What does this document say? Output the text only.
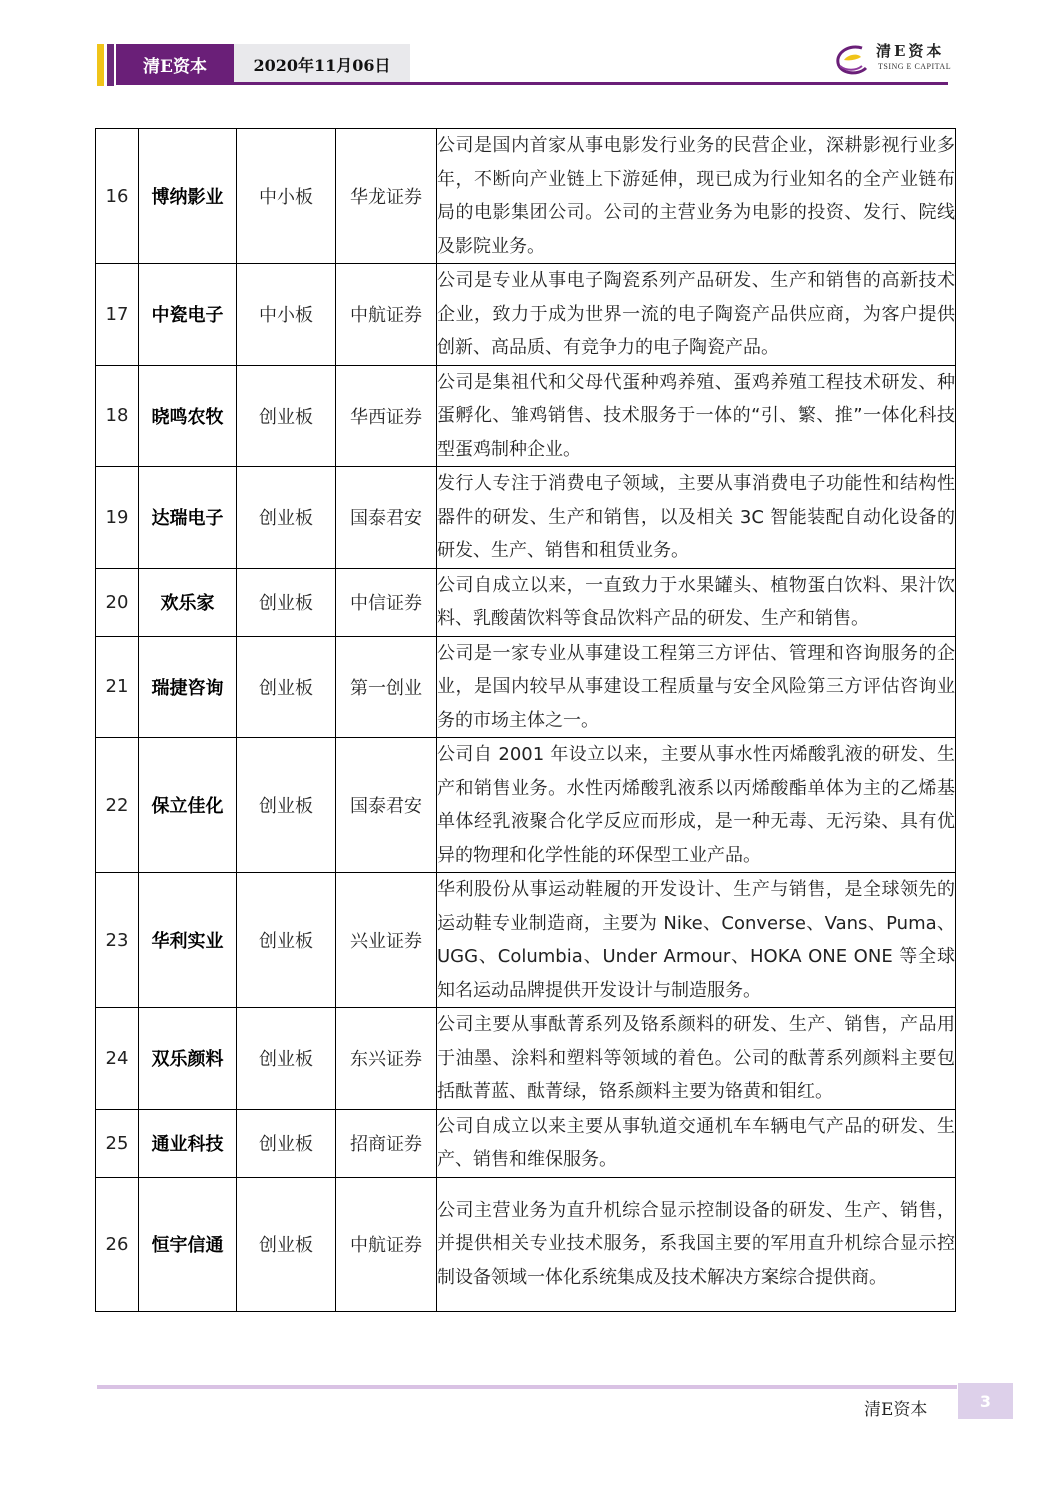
清E资本	2020年11月06日
清E资本
TSING E CAPITAL
16	博纳影业	中小板	华龙证券	公司是国内首家从事电影发行业务的民营企业，深耕影视行业多年，不断向产业链上下游延伸，现已成为行业知名的全产业链布局的电影集团公司。公司的主营业务为电影的投资、发行、院线及影院业务。
17	中瓷电子	中小板	中航证券	公司是专业从事电子陶瓷系列产品研发、生产和销售的高新技术企业，致力于成为世界一流的电子陶瓷产品供应商，为客户提供创新、高品质、有竞争力的电子陶瓷产品。
18	晓鸣农牧	创业板	华西证券	公司是集祖代和父母代蛋种鸡养殖、蛋鸡养殖工程技术研发、种蛋孵化、雏鸡销售、技术服务于一体的“引、繁、推”一体化科技型蛋鸡制种企业。
19	达瑞电子	创业板	国泰君安	发行人专注于消费电子领域，主要从事消费电子功能性和结构性器件的研发、生产和销售，以及相关 3C 智能装配自动化设备的研发、生产、销售和租赁业务。
20	欢乐家	创业板	中信证券	公司自成立以来，一直致力于水果罐头、植物蛋白饮料、果汁饮料、乳酸菌饮料等食品饮料产品的研发、生产和销售。
21	瑞捷咨询	创业板	第一创业	公司是一家专业从事建设工程第三方评估、管理和咨询服务的企业，是国内较早从事建设工程质量与安全风险第三方评估咨询业务的市场主体之一。
22	保立佳化	创业板	国泰君安	公司自 2001 年设立以来，主要从事水性丙烯酸乳液的研发、生产和销售业务。水性丙烯酸乳液系以丙烯酸酯单体为主的乙烯基单体经乳液聚合化学反应而形成，是一种无毒、无污染、具有优异的物理和化学性能的环保型工业产品。
23	华利实业	创业板	兴业证券	华利股份从事运动鞋履的开发设计、生产与销售，是全球领先的运动鞋专业制造商，主要为 Nike、Converse、Vans、Puma、UGG、Columbia、Under Armour、HOKA ONE ONE 等全球知名运动品牌提供开发设计与制造服务。
24	双乐颜料	创业板	东兴证券	公司主要从事酞菁系列及铬系颜料的研发、生产、销售，产品用于油墨、涂料和塑料等领域的着色。公司的酞菁系列颜料主要包括酞菁蓝、酞菁绿，铬系颜料主要为铬黄和钼红。
25	通业科技	创业板	招商证券	公司自成立以来主要从事轨道交通机车车辆电气产品的研发、生产、销售和维保服务。
26	恒宇信通	创业板	中航证券	公司主营业务为直升机综合显示控制设备的研发、生产、销售，并提供相关专业技术服务，系我国主要的军用直升机综合显示控制设备领域一体化系统集成及技术解决方案综合提供商。
清E资本	3
